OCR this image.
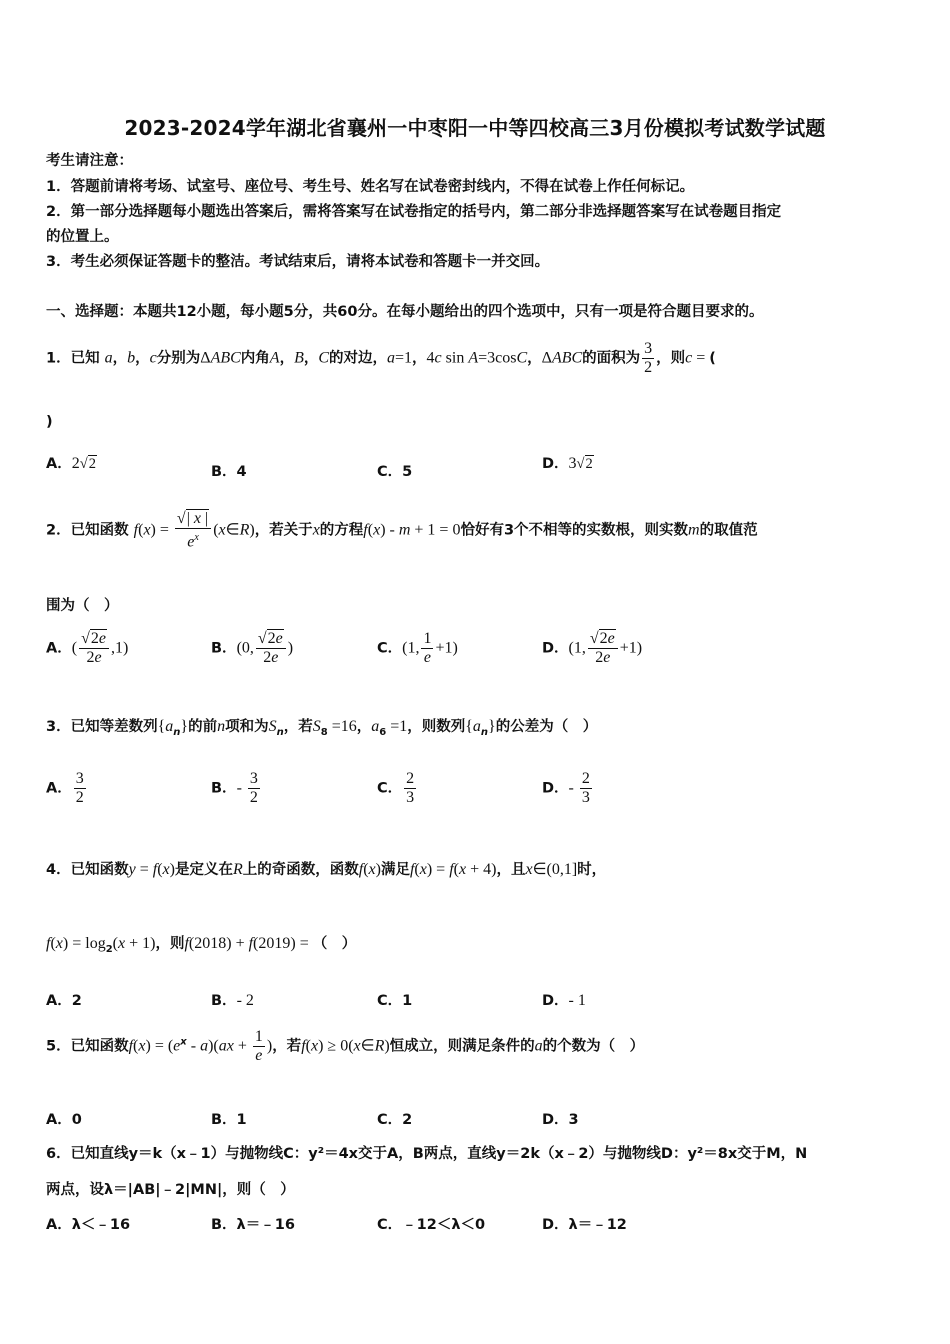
2023-2024学年湖北省襄州一中枣阳一中等四校高三3月份模拟考试数学试题
考生请注意：
1．答题前请将考场、试室号、座位号、考生号、姓名写在试卷密封线内，不得在试卷上作任何标记。
2．第一部分选择题每小题选出答案后，需将答案写在试卷指定的括号内，第二部分非选择题答案写在试卷题目指定
的位置上。
3．考生必须保证答题卡的整洁。考试结束后，请将本试卷和答题卡一并交回。
一、选择题：本题共12小题，每小题5分，共60分。在每小题给出的四个选项中，只有一项是符合题目要求的。
1．已知 a，b，c分别为ΔABC内角A，B，C的对边，a=1，4c sin A=3cosC，ΔABC的面积为 $\frac{3}{2}$ ，则c = (
)
A．2√2	B．4	C．5	D．3√2
2．已知函数 $f(x) = \frac{√| x |}{e^x}$ (x∈R)，若关于x的方程f(x) - m + 1 = 0恰好有3个不相等的实数根，则实数m的取值范
围为（　）
A．( $\frac{√2e}{2e} ,1$)	B．(0, $\frac{√2e}{2e}$ )	C．(1, $\frac{1}{e} +1$)	D．(1, $\frac{√2e}{2e} +1$)
3．已知等差数列$\{a_n\}$的前n项和为$S_n$，若$S_8 =16$，$a_6 =1$，则数列$\{a_n\}$的公差为（　）
A． $\frac{3}{2}$	B．- $\frac{3}{2}$	C． $\frac{2}{3}$	D．- $\frac{2}{3}$
4．已知函数y = f(x)是定义在R上的奇函数，函数f(x)满足f(x) = f(x + 4)，且x∈(0,1]时，
$f(x) = \log_2(x + 1)$，则f(2018) + f(2019) = （　）
A．2	B．- 2	C．1	D．- 1
5．已知函数$f(x) = (e^x - a)(ax + \frac{1}{e}$ )，若f(x) ≥ 0(x∈R)恒成立，则满足条件的a的个数为（　）
A．0	B．1	C．2	D．3
6．已知直线y＝k（x﹣1）与抛物线C：y²＝4x交于A，B两点，直线y＝2k（x﹣2）与抛物线D：y²＝8x交于M，N
两点，设λ＝|AB|﹣2|MN|，则（　）
A．λ＜﹣16	B．λ＝﹣16	C．﹣12＜λ＜0	D．λ＝﹣12
